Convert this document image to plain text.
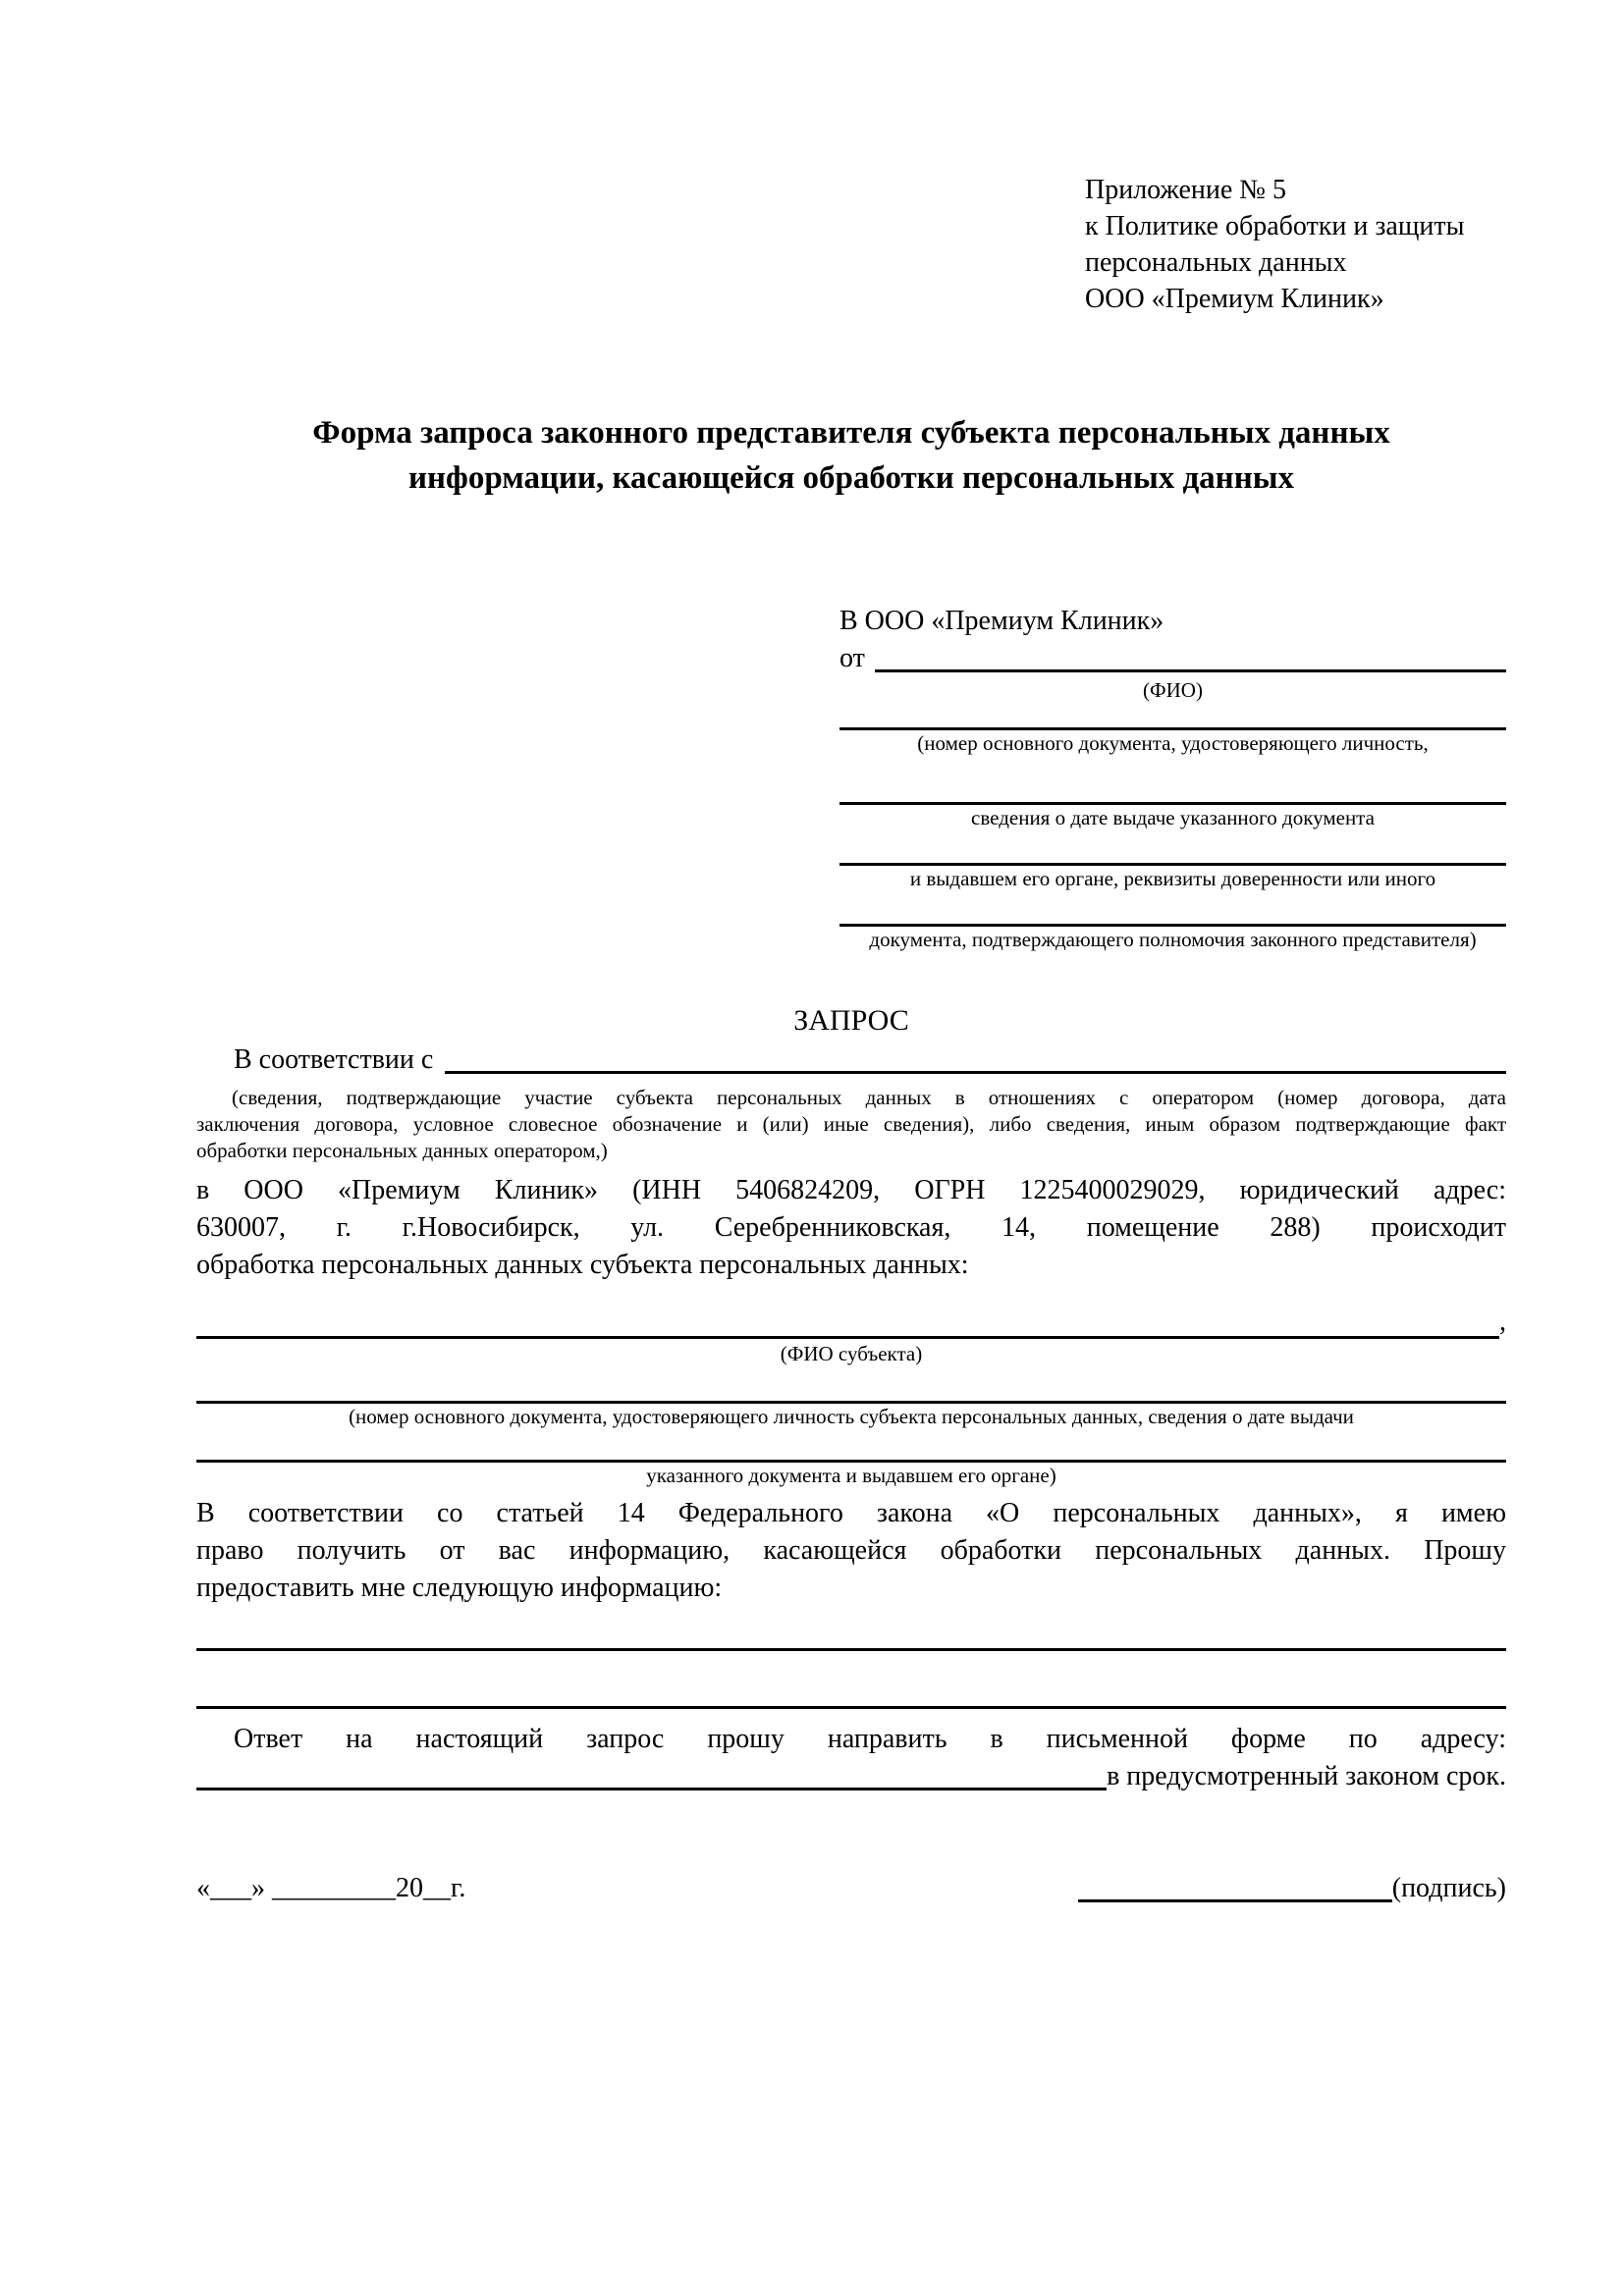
Приложение № 5
к Политике обработки и защиты
персональных данных
ООО «Премиум Клиник»
Форма запроса законного представителя субъекта персональных данных
информации, касающейся обработки персональных данных
В ООО «Премиум Клиник»
от
(ФИО)
(номер основного документа, удостоверяющего личность,
сведения о дате выдаче указанного документа
и выдавшем его органе, реквизиты доверенности или иного
документа, подтверждающего полномочия законного представителя)
ЗАПРОС
В соответствии с
(сведения, подтверждающие участие субъекта персональных данных в отношениях с оператором (номер договора, дата
заключения договора, условное словесное обозначение и (или) иные сведения), либо сведения, иным образом подтверждающие факт
обработки персональных данных оператором,)
в ООО «Премиум Клиник» (ИНН 5406824209, ОГРН 1225400029029, юридический адрес:
630007, г. г.Новосибирск, ул. Серебренниковская, 14, помещение 288) происходит
обработка персональных данных субъекта персональных данных:
,
(ФИО субъекта)
(номер основного документа, удостоверяющего личность субъекта персональных данных, сведения о дате выдачи
указанного документа и выдавшем его органе)
В соответствии со статьей 14 Федерального закона «О персональных данных», я имею
право получить от вас информацию, касающейся обработки персональных данных. Прошу
предоставить мне следующую информацию:
Ответ на настоящий запрос прошу направить в письменной форме по адресу:
в предусмотренный законом срок.
«___» _________20__г.	(подпись)
